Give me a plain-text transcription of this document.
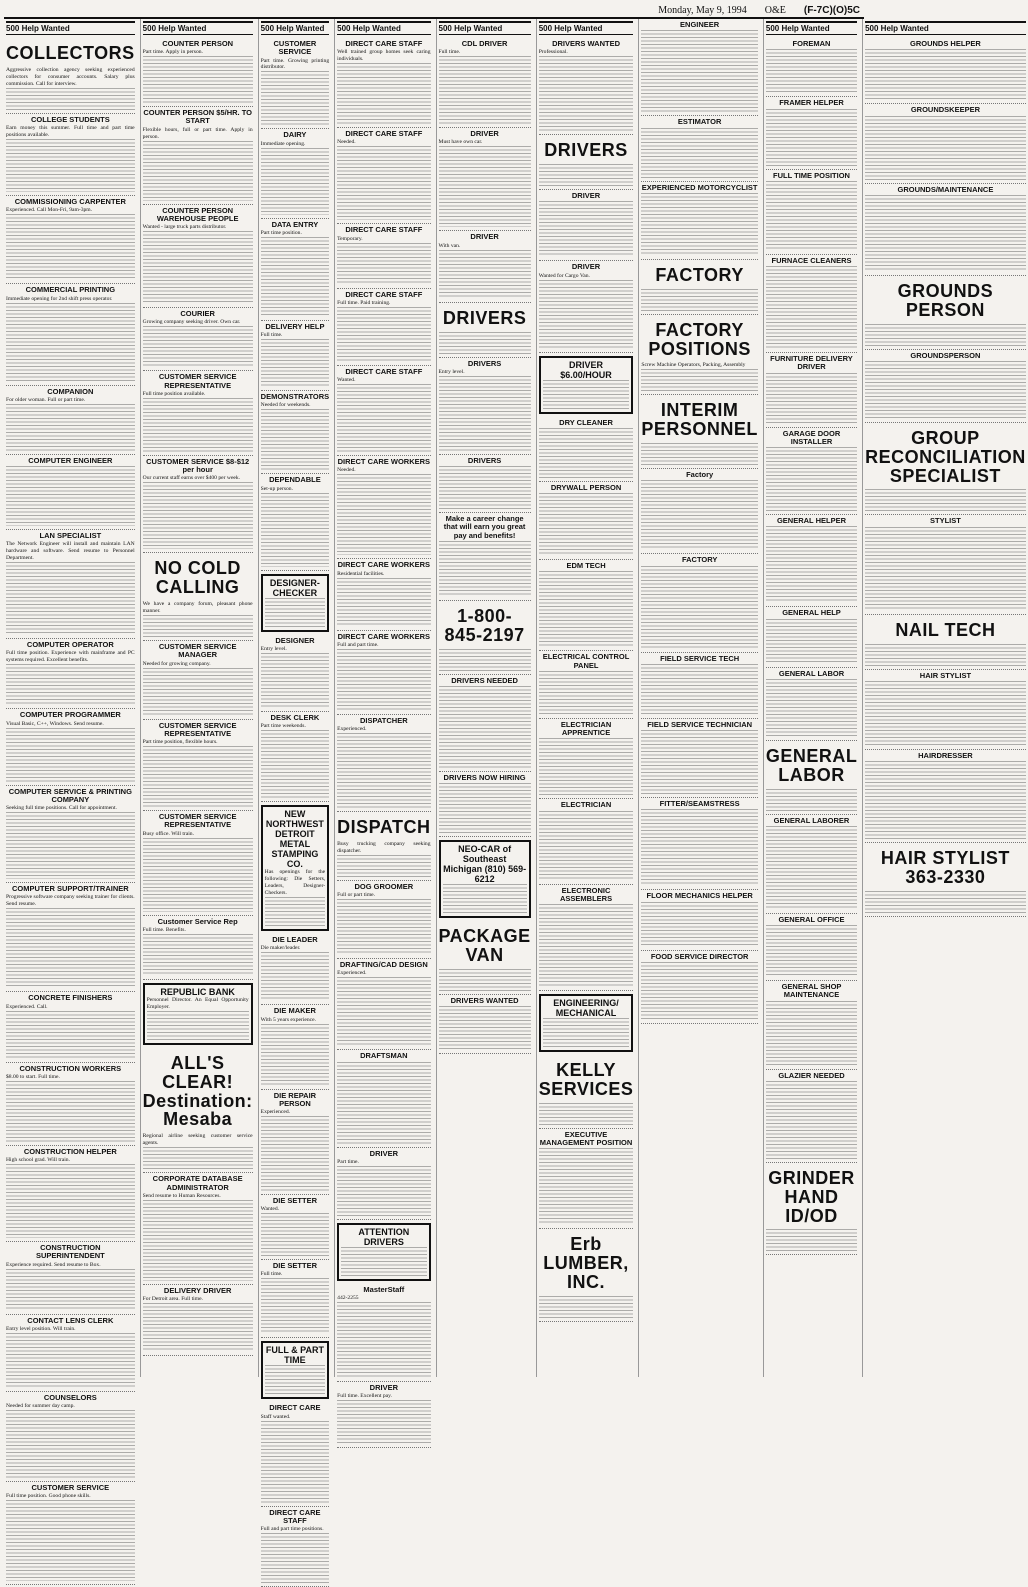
Monday, May 9, 1994 O&E (F-7C)(O)5C
500 Help Wanted
COLLECTORS
Aggressive collection agency seeking experienced collectors for consumer accounts. Salary plus commission. Call for interview.
COLLEGE STUDENTS
Earn money this summer. Full time and part time positions available.
COMMISSIONING CARPENTER
Experienced. Call Mon-Fri, 9am-3pm.
COMMERCIAL PRINTING
Immediate opening for 2nd shift press operator.
COMPANION
For older woman. Full or part time.
COMPUTER ENGINEER
LAN SPECIALIST
The Network Engineer will install and maintain LAN hardware and software. Send resume to Personnel Department.
COMPUTER OPERATOR
Full time position. Experience with mainframe and PC systems required. Excellent benefits.
COMPUTER PROGRAMMER
Visual Basic, C++, Windows. Send resume.
COMPUTER SERVICE & PRINTING COMPANY
Seeking full time positions. Call for appointment.
COMPUTER SUPPORT/TRAINER
Progressive software company seeking trainer for clients. Send resume.
CONCRETE FINISHERS
Experienced. Call.
CONSTRUCTION WORKERS
$8.00 to start. Full time.
CONSTRUCTION HELPER
High school grad. Will train.
CONSTRUCTION SUPERINTENDENT
Experience required. Send resume to Box.
CONTACT LENS CLERK
Entry level position. Will train.
COUNSELORS
Needed for summer day camp.
CUSTOMER SERVICE
Full time position. Good phone skills.
500 Help Wanted
COUNTER PERSON
Part time. Apply in person.
COUNTER PERSON $5/HR. TO START
Flexible hours, full or part time. Apply in person.
COUNTER PERSON WAREHOUSE PEOPLE
Wanted - large truck parts distributor.
COURIER
Growing company seeking driver. Own car.
CUSTOMER SERVICE REPRESENTATIVE
Full time position available.
CUSTOMER SERVICE $8-$12 per hour
Our current staff earns over $400 per week.
NO COLD CALLING
We have a company forum, pleasant phone manner.
CUSTOMER SERVICE MANAGER
Needed for growing company.
CUSTOMER SERVICE REPRESENTATIVE
Part time position, flexible hours.
CUSTOMER SERVICE REPRESENTATIVE
Busy office. Will train.
Customer Service Rep
Full time. Benefits.
REPUBLIC BANK
Personnel Director. An Equal Opportunity Employer.
ALL'S CLEAR! Destination: Mesaba
Regional airline seeking customer service agents.
CORPORATE DATABASE ADMINISTRATOR
Send resume to Human Resources.
DELIVERY DRIVER
For Detroit area. Full time.
500 Help Wanted
CUSTOMER SERVICE
Part time. Growing printing distributor.
DAIRY
Immediate opening.
DATA ENTRY
Part time position.
DELIVERY HELP
Full time.
DEMONSTRATORS
Needed for weekends.
DEPENDABLE
Set-up person.
DESIGNER-CHECKER
DESIGNER
Entry level.
DESK CLERK
Part time weekends.
NEW NORTHWEST DETROIT METAL STAMPING CO.
Has openings for the following: Die Setters, Leaders, Designer-Checkers.
DIE LEADER
Die maker/leader.
DIE MAKER
With 5 years experience.
DIE REPAIR PERSON
Experienced.
DIE SETTER
Wanted.
DIE SETTER
Full time.
FULL & PART TIME
DIRECT CARE
Staff wanted.
DIRECT CARE STAFF
Full and part time positions.
500 Help Wanted
DIRECT CARE STAFF
Well trained group homes seek caring individuals.
DIRECT CARE STAFF
Needed.
DIRECT CARE STAFF
Temporary.
DIRECT CARE STAFF
Full time. Paid training.
DIRECT CARE STAFF
Wanted.
DIRECT CARE WORKERS
Needed.
DIRECT CARE WORKERS
Residential facilities.
DIRECT CARE WORKERS
Full and part time.
DISPATCHER
Experienced.
DISPATCH
Busy trucking company seeking dispatcher.
DOG GROOMER
Full or part time.
DRAFTING/CAD DESIGN
Experienced.
DRAFTSMAN
DRIVER
Part time.
ATTENTION DRIVERS
MasterStaff
442-2255
DRIVER
Full time. Excellent pay.
500 Help Wanted
CDL DRIVER
Full time.
DRIVER
Must have own car.
DRIVER
With van.
DRIVERS
DRIVERS
Entry level.
DRIVERS
Make a career change that will earn you great pay and benefits!
1-800-845-2197
DRIVERS NEEDED
DRIVERS NOW HIRING
NEO-CAR of Southeast Michigan (810) 569-6212
PACKAGE VAN
DRIVERS WANTED
500 Help Wanted
DRIVERS WANTED
Professional.
DRIVERS
DRIVER
DRIVER
Wanted for Cargo Van.
DRIVER $6.00/HOUR
DRY CLEANER
DRYWALL PERSON
EDM TECH
ELECTRICAL CONTROL PANEL
ELECTRICIAN APPRENTICE
ELECTRICIAN
ELECTRONIC ASSEMBLERS
ENGINEERING/ MECHANICAL
KELLY SERVICES
EXECUTIVE MANAGEMENT POSITION
Erb LUMBER, INC.
ENGINEER
ESTIMATOR
EXPERIENCED MOTORCYCLIST
FACTORY
FACTORY POSITIONS
Screw Machine Operators, Packing, Assembly
INTERIM PERSONNEL
Factory
FACTORY
FIELD SERVICE TECH
FIELD SERVICE TECHNICIAN
FITTER/SEAMSTRESS
FLOOR MECHANICS HELPER
FOOD SERVICE DIRECTOR
500 Help Wanted
FOREMAN
FRAMER HELPER
FULL TIME POSITION
FURNACE CLEANERS
FURNITURE DELIVERY DRIVER
GARAGE DOOR INSTALLER
GENERAL HELPER
GENERAL HELP
GENERAL LABOR
GENERAL LABOR
GENERAL LABORER
GENERAL OFFICE
GENERAL SHOP MAINTENANCE
GLAZIER NEEDED
GRINDER HAND ID/OD
500 Help Wanted
GROUNDS HELPER
GROUNDSKEEPER
GROUNDS/MAINTENANCE
GROUNDS PERSON
GROUNDSPERSON
GROUP RECONCILIATION SPECIALIST
STYLIST
NAIL TECH
HAIR STYLIST
HAIRDRESSER
HAIR STYLIST 363-2330
